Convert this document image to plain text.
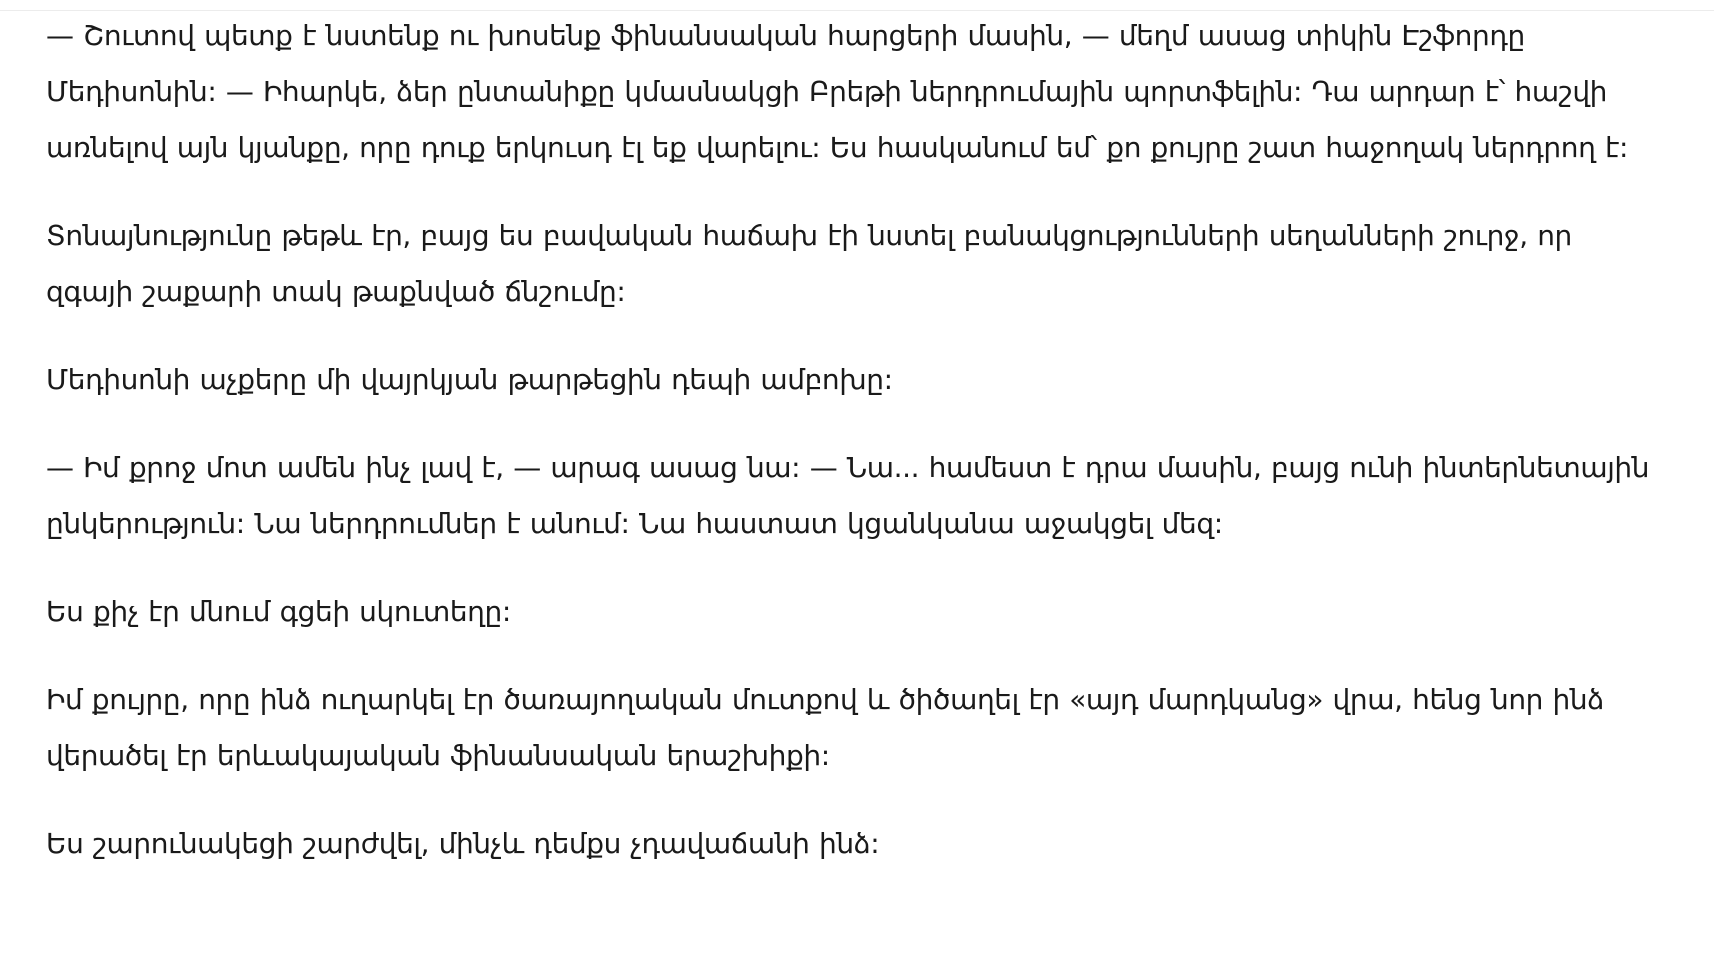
— Շուտով պետք է նստենք ու խոսենք ֆինանսական հարցերի մասին, — մեղմ ասաց տիկին Էշֆորդը Մեդիսոնին: — Իհարկե, ձեր ընտանիքը կմասնակցի Բրեթի ներդրումային պորտֆելին: Դա արդար է՝ հաշվի առնելով այն կյանքը, որը դուք երկուսդ էլ եք վարելու: Ես հասկանում եմ՝ քո քույրը շատ հաջողակ ներդրող է:

Տոնայնությունը թեթև էր, բայց ես բավական հաճախ էի նստել բանակցությունների սեղանների շուրջ, որ զգայի շաքարի տակ թաքնված ճնշումը:

Մեդիսոնի աչքերը մի վայրկյան թարթեցին դեպի ամբոխը:

— Իմ քրոջ մոտ ամեն ինչ լավ է, — արագ ասաց նա: — Նա... համեստ է դրա մասին, բայց ունի ինտերնետային ընկերություն: Նա ներդրումներ է անում: Նա հաստատ կցանկանա աջակցել մեզ:

Ես քիչ էր մնում գցեի սկուտեղը:

Իմ քույրը, որը ինձ ուղարկել էր ծառայողական մուտքով և ծիծաղել էր «այդ մարդկանց» վրա, հենց նոր ինձ վերածել էր երևակայական ֆինանսական երաշխիքի:

Ես շարունակեցի շարժվել, մինչև դեմքս չդավաճանի ինձ:
